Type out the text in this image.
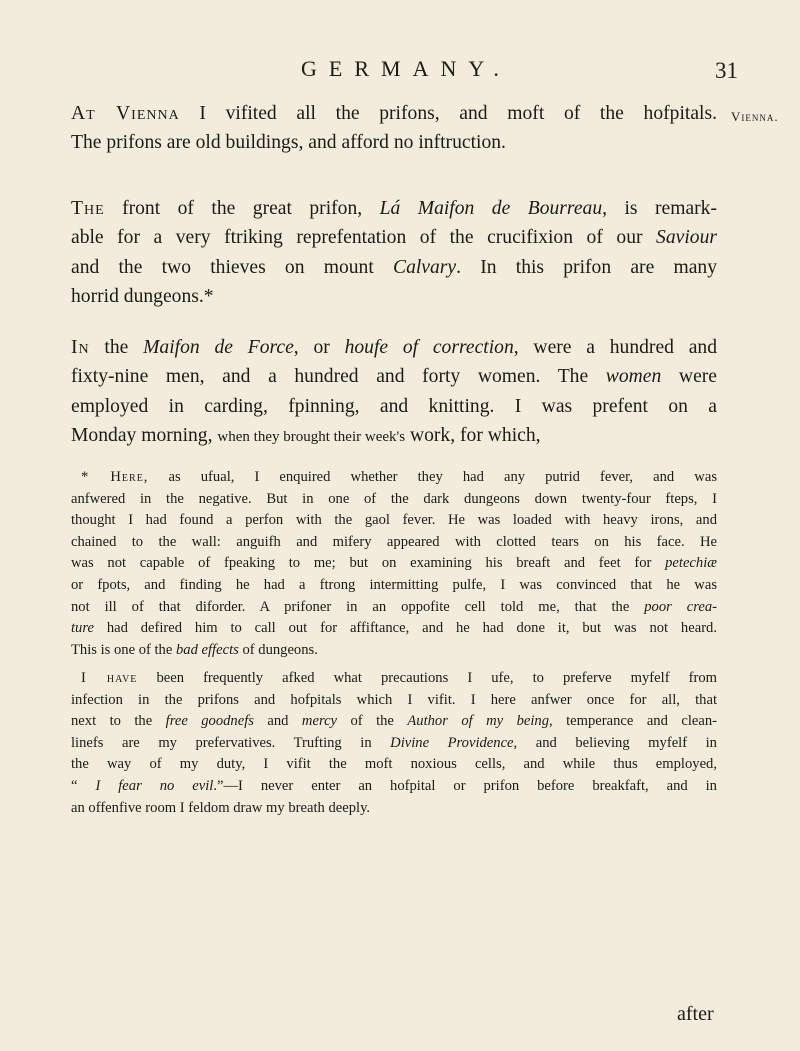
GERMANY.	31
Vienna.

At Vienna I vifited all the prifons, and moft of the hofpitals.
The prifons are old buildings, and afford no inftruction.

The front of the great prifon, Lá Maifon de Bourreau, is remark-
able for a very ftriking reprefentation of the crucifixion of our Saviour
and the two thieves on mount Calvary. In this prifon are many
horrid dungeons.*

In the Maifon de Force, or houfe of correction, were a hundred and
fixty-nine men, and a hundred and forty women. The women were
employed in carding, fpinning, and knitting. I was prefent on a
Monday morning, when they brought their week's work, for which,

* Here, as ufual, I enquired whether they had any putrid fever, and was
anfwered in the negative. But in one of the dark dungeons down twenty-four fteps, I
thought I had found a perfon with the gaol fever. He was loaded with heavy irons, and
chained to the wall: anguifh and mifery appeared with clotted tears on his face. He
was not capable of fpeaking to me; but on examining his breaft and feet for petechiæ
or fpots, and finding he had a ftrong intermitting pulfe, I was convinced that he was
not ill of that diforder. A prifoner in an oppofite cell told me, that the poor crea-
ture had defired him to call out for affiftance, and he had done it, but was not heard.
This is one of the bad effects of dungeons.

I have been frequently afked what precautions I ufe, to preferve myfelf from
infection in the prifons and hofpitals which I vifit. I here anfwer once for all, that
next to the free goodnefs and mercy of the Author of my being, temperance and clean-
linefs are my prefervatives. Trufting in Divine Providence, and believing myfelf in
the way of my duty, I vifit the moft noxious cells, and while thus employed,
“ I fear no evil.”—I never enter an hofpital or prifon before breakfaft, and in
an offenfive room I feldom draw my breath deeply.

after
